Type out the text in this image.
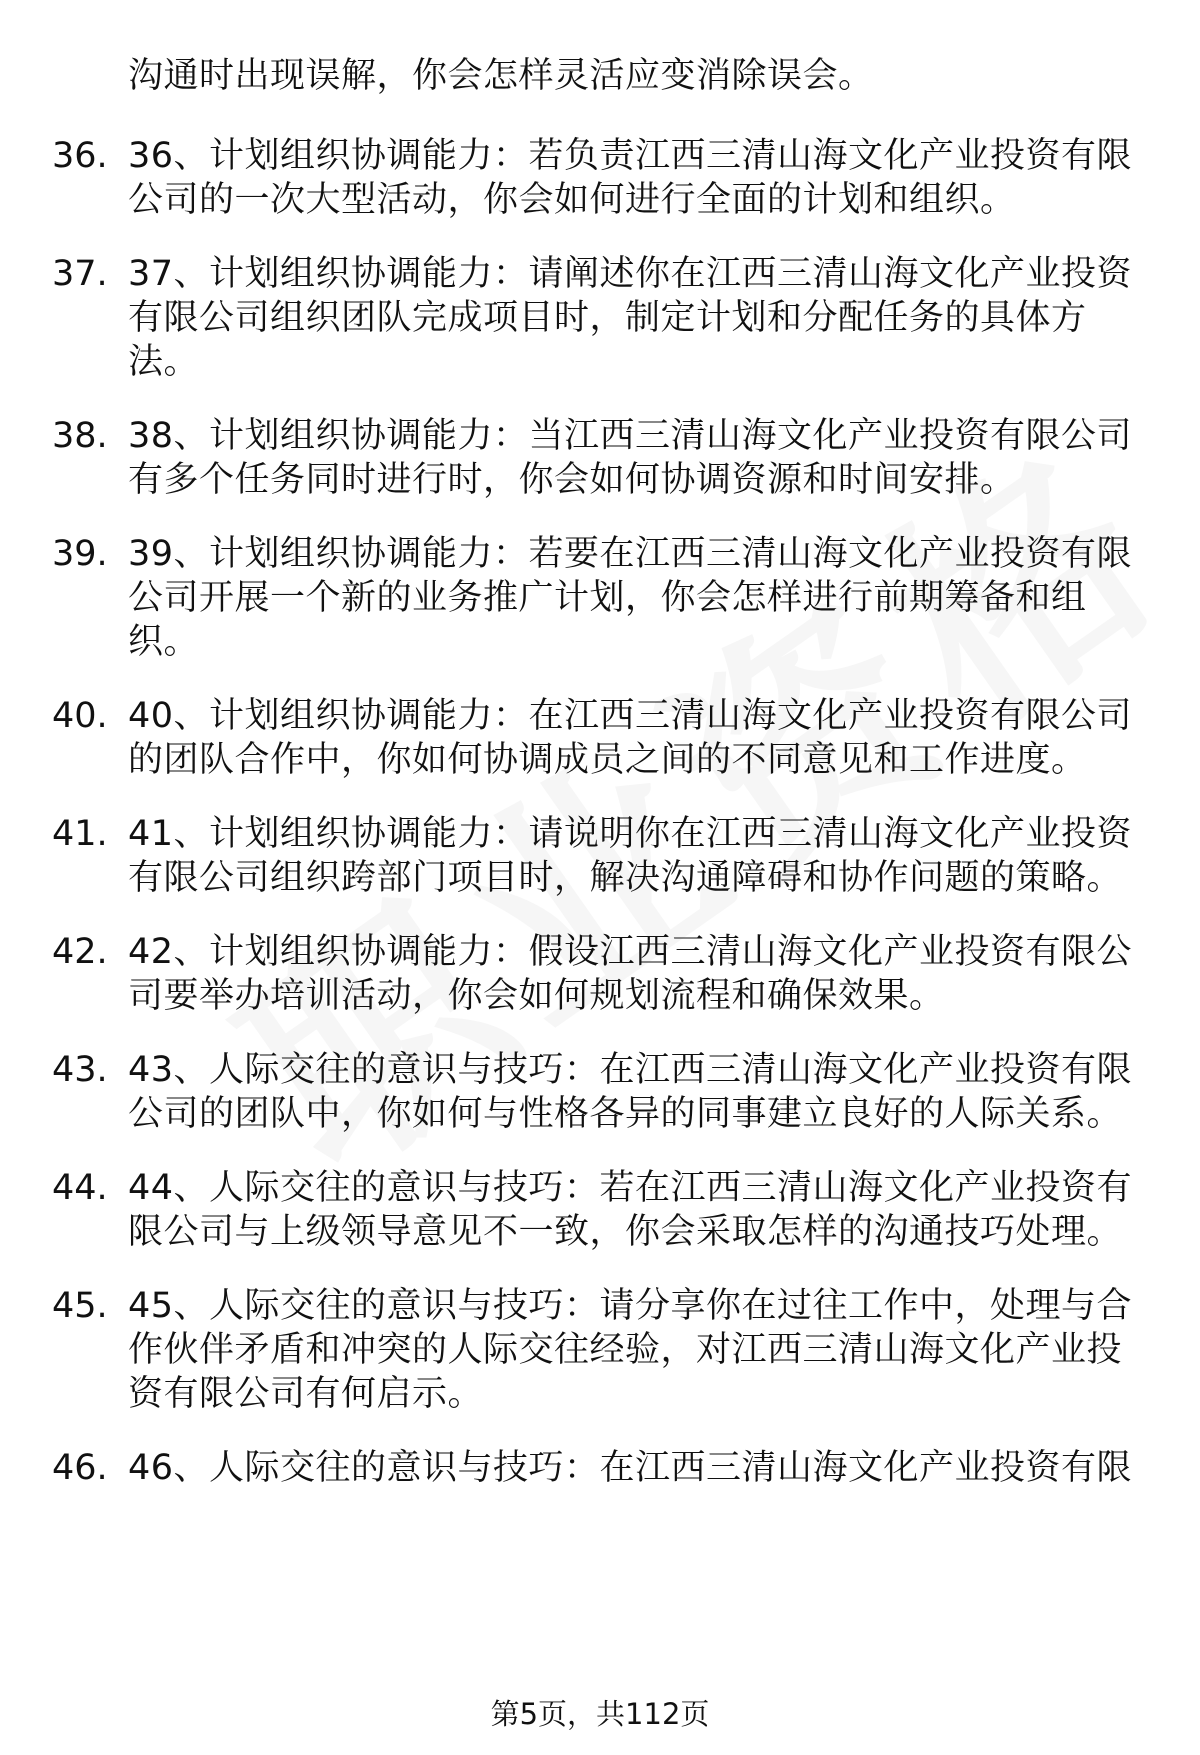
沟通时出现误解，你会怎样灵活应变消除误会。
36. 36、计划组织协调能力：若负责江西三清山海文化产业投资有限
公司的一次大型活动，你会如何进行全面的计划和组织。
37. 37、计划组织协调能力：请阐述你在江西三清山海文化产业投资
有限公司组织团队完成项目时，制定计划和分配任务的具体方
法。
38. 38、计划组织协调能力：当江西三清山海文化产业投资有限公司
有多个任务同时进行时，你会如何协调资源和时间安排。
39. 39、计划组织协调能力：若要在江西三清山海文化产业投资有限
公司开展一个新的业务推广计划，你会怎样进行前期筹备和组
织。
40. 40、计划组织协调能力：在江西三清山海文化产业投资有限公司
的团队合作中，你如何协调成员之间的不同意见和工作进度。
41. 41、计划组织协调能力：请说明你在江西三清山海文化产业投资
有限公司组织跨部门项目时，解决沟通障碍和协作问题的策略。
42. 42、计划组织协调能力：假设江西三清山海文化产业投资有限公
司要举办培训活动，你会如何规划流程和确保效果。
43. 43、人际交往的意识与技巧：在江西三清山海文化产业投资有限
公司的团队中，你如何与性格各异的同事建立良好的人际关系。
44. 44、人际交往的意识与技巧：若在江西三清山海文化产业投资有
限公司与上级领导意见不一致，你会采取怎样的沟通技巧处理。
45. 45、人际交往的意识与技巧：请分享你在过往工作中，处理与合
作伙伴矛盾和冲突的人际交往经验，对江西三清山海文化产业投
资有限公司有何启示。
46. 46、人际交往的意识与技巧：在江西三清山海文化产业投资有限
第5页，共112页
